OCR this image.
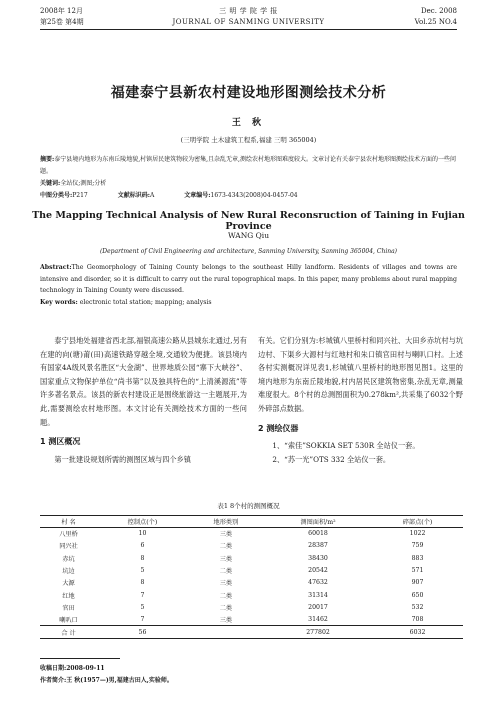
2008年 12月
第25卷 第4期
三 明 学 院 学 报
JOURNAL OF SANMING UNIVERSITY
Dec. 2008
Vol.25 NO.4
福建泰宁县新农村建设地形图测绘技术分析
王 秋
(三明学院 土木建筑工程系,福建 三明 365004)
摘要:泰宁县境内地形为东南丘陵地貌,村镇居民建筑物较为密集,且杂乱无章,测绘农村地形图难度较大。文章讨论有关泰宁县农村地形图测绘技术方面的一些问题。
关键词:全站仪;测图;分析
中图分类号:P217	文献标识码:A	文章编号:1673-4343(2008)04-0457-04
The Mapping Technical Analysis of New Rural Reconsruction of Taining in Fujian Province
WANG Qiu
(Department of Civil Engineering and architecture, Sanming University, Sanming 365004, China)
Abstract:The Geomorphology of Taining County belongs to the southeast Hilly landform. Residents of villages and towns are intensive and disorder, so it is difficult to carry out the rural topographical maps. In this paper, many problems about rural mapping technology in Taining County were discussed.
Key words: electronic total station; mapping; analysis

泰宁县地处福建省西北部,福银高速公路从县城东北通过,另有在建的向(塘)莆(田)高速铁路穿越全境,交通较为便捷。该县境内有国家4A级风景名胜区“大金湖”、世界地质公园“寨下大峡谷”、国家重点文物保护单位“尚书第”以及独具特色的“上清溪源流”等许多著名景点。该县的新农村建设正是围绕旅游这一主题展开,为此,需要测绘农村地形图。本文讨论有关测绘技术方面的一些问题。

1 测区概况

第一批建设规划所需的测图区域与四个乡镇

有关。它们分别为:杉城镇八里桥村和同兴社、大田乡赤坑村与坑边村、下渠乡大源村与红地村和朱口镇官田村与喇叭口村。上述各村实测概况详见表1,杉城镇八里桥村的地形图见图1。这里的境内地形为东南丘陵地貌,村内居民区建筑物密集,杂乱无章,测量难度很大。8个村的总测图面积为0.278km²,共采集了6032个野外碎部点数据。

2 测绘仪器

1、“索佳”SOKKIA SET 530R 全站仪一套。

2、“苏一光”OTS 332 全站仪一套。

表1 8个村的测图概况
村 名	控制点(个)	地形类别	测图面积/m²	碎部点(个)
八里桥	10	三类	60018	1022
同兴社	6	二类	28387	759
赤坑	8	三类	38430	883
坑边	5	二类	20542	571
大源	8	三类	47632	907
红地	7	二类	31314	650
官田	5	二类	20017	532
喇叭口	7	三类	31462	708
合 计	56		277802	6032
收稿日期:2008-09-11
作者简介:王 秋(1957—)男,福建古田人,实验师。
